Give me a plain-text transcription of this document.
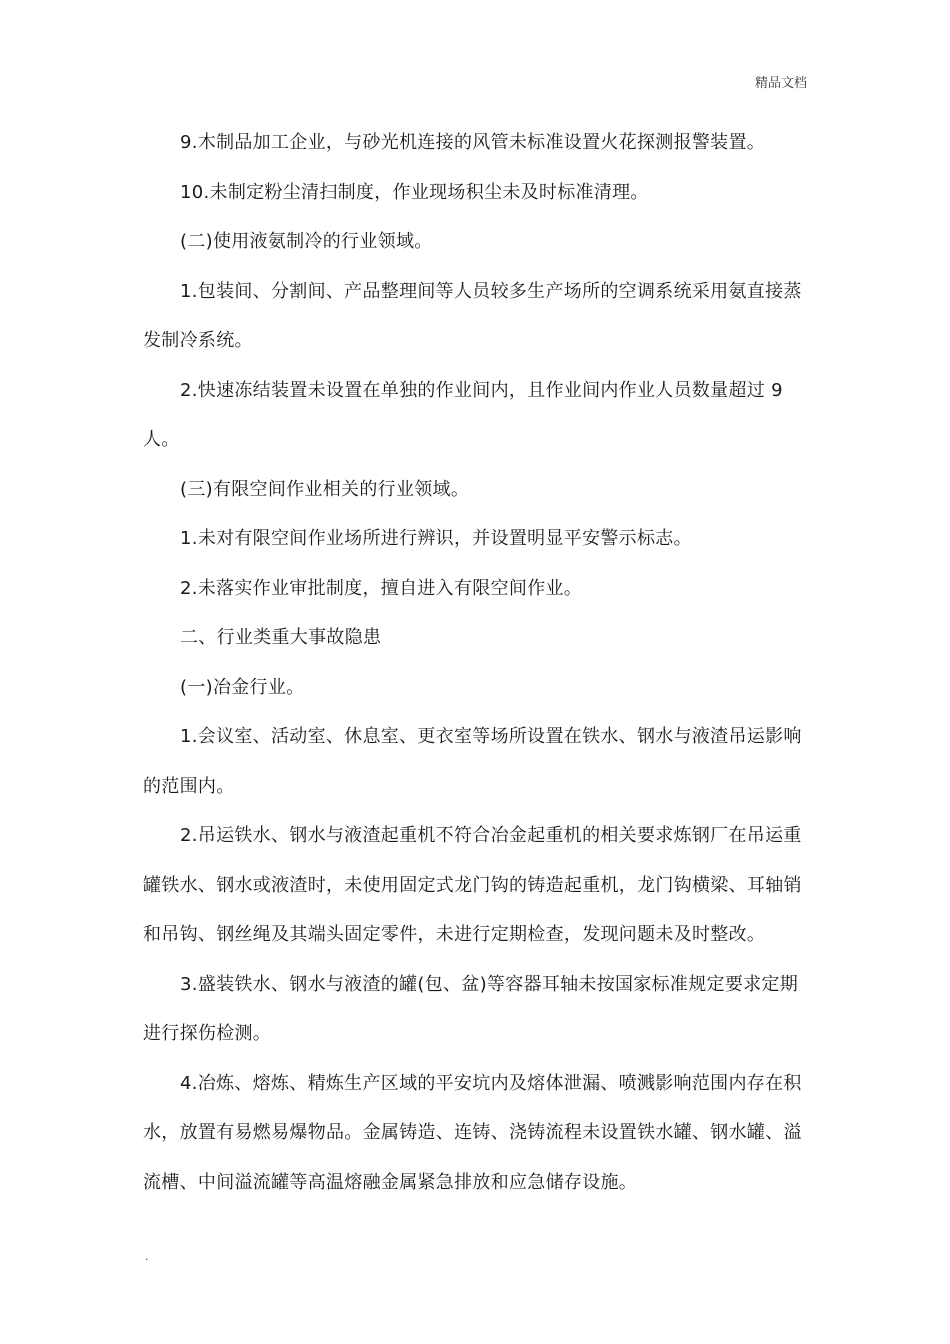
精品文档

9.木制品加工企业，与砂光机连接的风管未标准设置火花探测报警装置。

10.未制定粉尘清扫制度，作业现场积尘未及时标准清理。

(二)使用液氨制冷的行业领域。

1.包装间、分割间、产品整理间等人员较多生产场所的空调系统采用氨直接蒸发制冷系统。

2.快速冻结装置未设置在单独的作业间内，且作业间内作业人员数量超过 9 人。

(三)有限空间作业相关的行业领域。

1.未对有限空间作业场所进行辨识，并设置明显平安警示标志。

2.未落实作业审批制度，擅自进入有限空间作业。

二、行业类重大事故隐患

(一)冶金行业。

1.会议室、活动室、休息室、更衣室等场所设置在铁水、钢水与液渣吊运影响的范围内。

2.吊运铁水、钢水与液渣起重机不符合冶金起重机的相关要求炼钢厂在吊运重罐铁水、钢水或液渣时，未使用固定式龙门钩的铸造起重机，龙门钩横梁、耳轴销和吊钩、钢丝绳及其端头固定零件，未进行定期检查，发现问题未及时整改。

3.盛装铁水、钢水与液渣的罐(包、盆)等容器耳轴未按国家标准规定要求定期进行探伤检测。

4.冶炼、熔炼、精炼生产区域的平安坑内及熔体泄漏、喷溅影响范围内存在积水，放置有易燃易爆物品。金属铸造、连铸、浇铸流程未设置铁水罐、钢水罐、溢流槽、中间溢流罐等高温熔融金属紧急排放和应急储存设施。

.
